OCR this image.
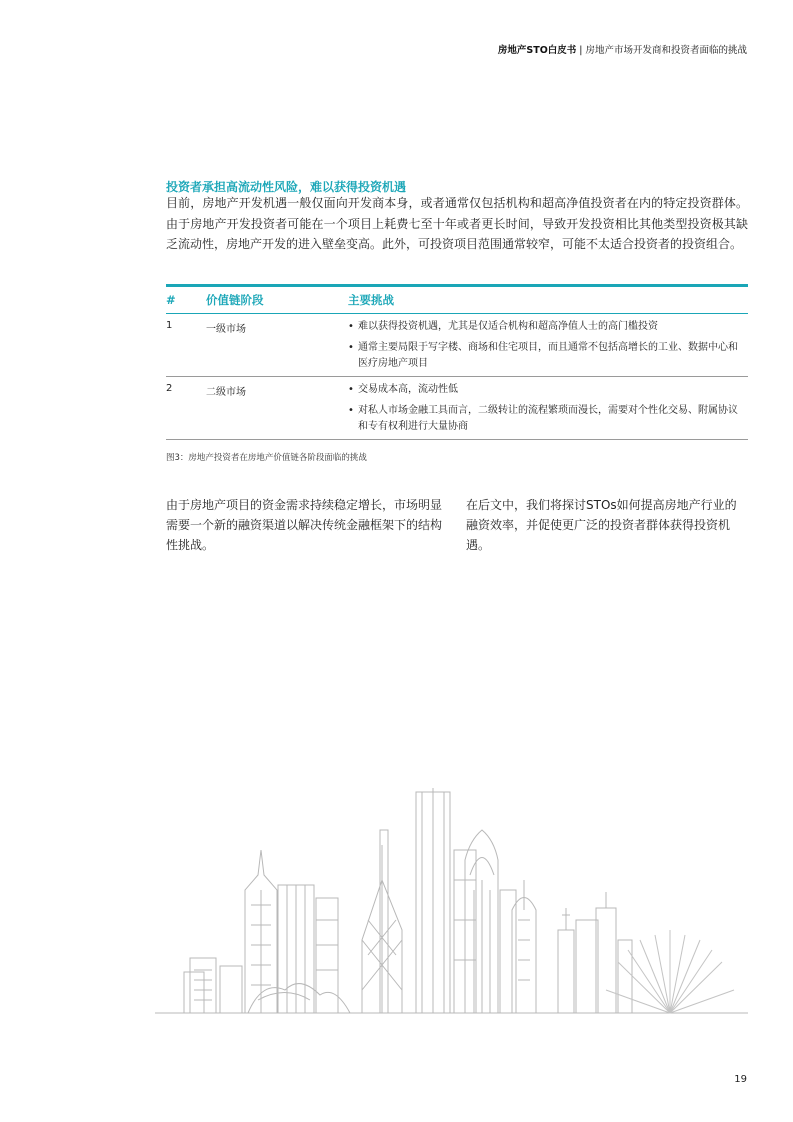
房地产STO白皮书 | 房地产市场开发商和投资者面临的挑战
投资者承担高流动性风险，难以获得投资机遇
目前，房地产开发机遇一般仅面向开发商本身，或者通常仅包括机构和超高净值投资者在内的特定投资群体。由于房地产开发投资者可能在一个项目上耗费七至十年或者更长时间，导致开发投资相比其他类型投资极其缺乏流动性，房地产开发的进入壁垒变高。此外，可投资项目范围通常较窄，可能不太适合投资者的投资组合。
#	价值链阶段	主要挑战
1	一级市场	• 难以获得投资机遇，尤其是仅适合机构和超高净值人士的高门槛投资
• 通常主要局限于写字楼、商场和住宅项目，而且通常不包括高增长的工业、数据中心和医疗房地产项目
2	二级市场	• 交易成本高，流动性低
• 对私人市场金融工具而言，二级转让的流程繁琐而漫长，需要对个性化交易、附属协议和专有权利进行大量协商
图3：房地产投资者在房地产价值链各阶段面临的挑战
由于房地产项目的资金需求持续稳定增长，市场明显需要一个新的融资渠道以解决传统金融框架下的结构性挑战。
在后文中，我们将探讨STOs如何提高房地产行业的融资效率，并促使更广泛的投资者群体获得投资机遇。
19
